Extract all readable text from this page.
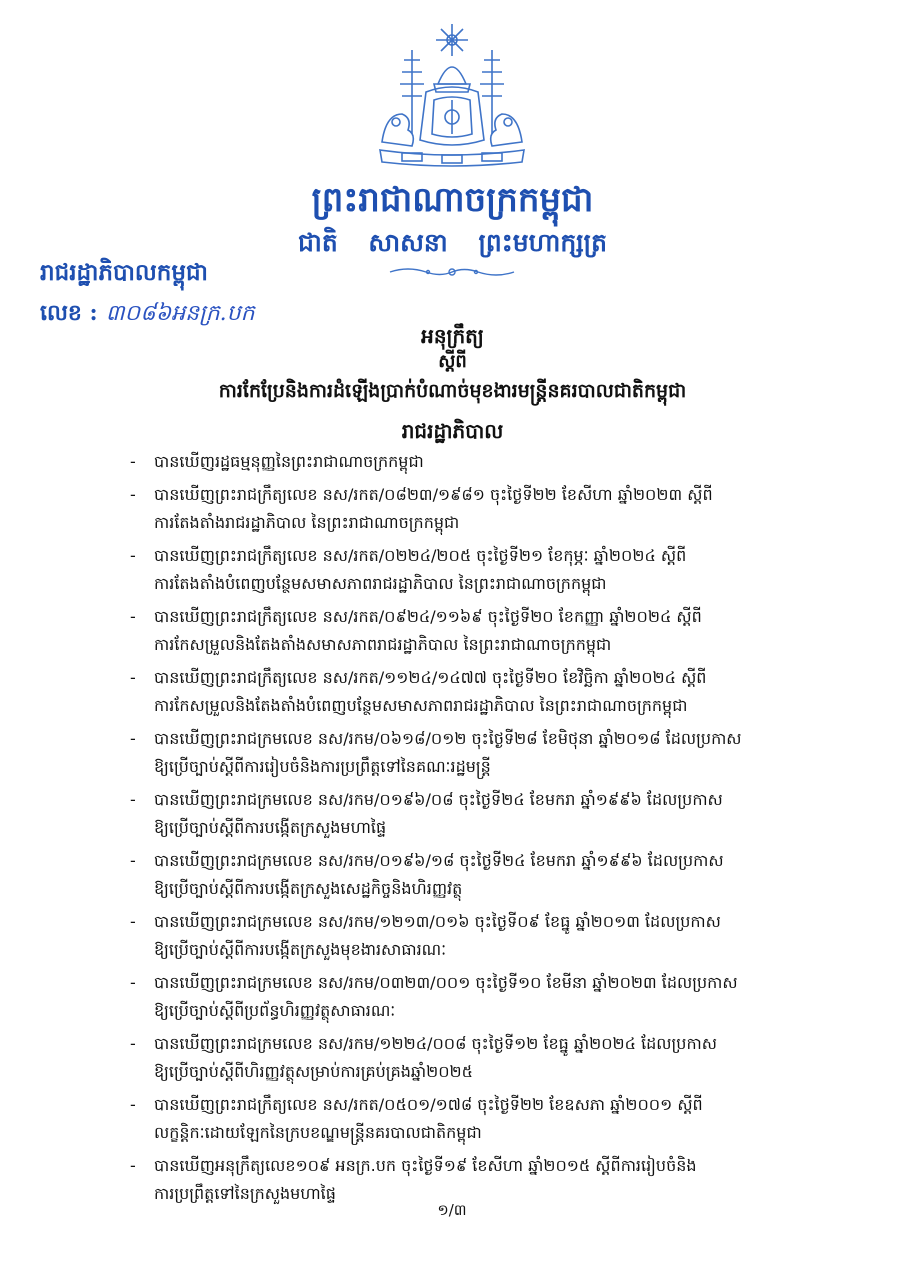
ព្រះរាជាណាចក្រកម្ពុជា
ជាតិ សាសនា ព្រះមហាក្សត្រ
រាជរដ្ឋាភិបាលកម្ពុជា
លេខ : ៣០៨៦អនក្រ.បក
អនុក្រឹត្យ
ស្តីពី
ការកែប្រែនិងការដំឡើងប្រាក់បំណាច់មុខងារមន្ត្រីនគរបាលជាតិកម្ពុជា
រាជរដ្ឋាភិបាល
- បានឃើញរដ្ឋធម្មនុញ្ញនៃព្រះរាជាណាចក្រកម្ពុជា
- បានឃើញព្រះរាជក្រឹត្យលេខ នស/រកត/០៨២៣/១៩៨១ ចុះថ្ងៃទី២២ ខែសីហា ឆ្នាំ២០២៣ ស្តីពី
ការតែងតាំងរាជរដ្ឋាភិបាល នៃព្រះរាជាណាចក្រកម្ពុជា
- បានឃើញព្រះរាជក្រឹត្យលេខ នស/រកត/០២២៤/២០៥ ចុះថ្ងៃទី២១ ខែកុម្ភៈ ឆ្នាំ២០២៤ ស្តីពី
ការតែងតាំងបំពេញបន្ថែមសមាសភាពរាជរដ្ឋាភិបាល នៃព្រះរាជាណាចក្រកម្ពុជា
- បានឃើញព្រះរាជក្រឹត្យលេខ នស/រកត/០៩២៤/១១៦៩ ចុះថ្ងៃទី២០ ខែកញ្ញា ឆ្នាំ២០២៤ ស្តីពី
ការកែសម្រួលនិងតែងតាំងសមាសភាពរាជរដ្ឋាភិបាល នៃព្រះរាជាណាចក្រកម្ពុជា
- បានឃើញព្រះរាជក្រឹត្យលេខ នស/រកត/១១២៤/១៤៧៧ ចុះថ្ងៃទី២០ ខែវិច្ឆិកា ឆ្នាំ២០២៤ ស្តីពី
ការកែសម្រួលនិងតែងតាំងបំពេញបន្ថែមសមាសភាពរាជរដ្ឋាភិបាល នៃព្រះរាជាណាចក្រកម្ពុជា
- បានឃើញព្រះរាជក្រមលេខ នស/រកម/០៦១៨/០១២ ចុះថ្ងៃទី២៨ ខែមិថុនា ឆ្នាំ២០១៨ ដែលប្រកាស
ឱ្យប្រើច្បាប់ស្តីពីការរៀបចំនិងការប្រព្រឹត្តទៅនៃគណៈរដ្ឋមន្ត្រី
- បានឃើញព្រះរាជក្រមលេខ នស/រកម/០១៩៦/០៨ ចុះថ្ងៃទី២៤ ខែមករា ឆ្នាំ១៩៩៦ ដែលប្រកាស
ឱ្យប្រើច្បាប់ស្តីពីការបង្កើតក្រសួងមហាផ្ទៃ
- បានឃើញព្រះរាជក្រមលេខ នស/រកម/០១៩៦/១៨ ចុះថ្ងៃទី២៤ ខែមករា ឆ្នាំ១៩៩៦ ដែលប្រកាស
ឱ្យប្រើច្បាប់ស្តីពីការបង្កើតក្រសួងសេដ្ឋកិច្ចនិងហិរញ្ញវត្ថុ
- បានឃើញព្រះរាជក្រមលេខ នស/រកម/១២១៣/០១៦ ចុះថ្ងៃទី០៩ ខែធ្នូ ឆ្នាំ២០១៣ ដែលប្រកាស
ឱ្យប្រើច្បាប់ស្តីពីការបង្កើតក្រសួងមុខងារសាធារណៈ
- បានឃើញព្រះរាជក្រមលេខ នស/រកម/០៣២៣/០០១ ចុះថ្ងៃទី១០ ខែមីនា ឆ្នាំ២០២៣ ដែលប្រកាស
ឱ្យប្រើច្បាប់ស្តីពីប្រព័ន្ធហិរញ្ញវត្ថុសាធារណៈ
- បានឃើញព្រះរាជក្រមលេខ នស/រកម/១២២៤/០០៨ ចុះថ្ងៃទី១២ ខែធ្នូ ឆ្នាំ២០២៤ ដែលប្រកាស
ឱ្យប្រើច្បាប់ស្តីពីហិរញ្ញវត្ថុសម្រាប់ការគ្រប់គ្រងឆ្នាំ២០២៥
- បានឃើញព្រះរាជក្រឹត្យលេខ នស/រកត/០៥០១/១៧៨ ចុះថ្ងៃទី២២ ខែឧសភា ឆ្នាំ២០០១ ស្តីពី
លក្ខន្តិកៈដោយឡែកនៃក្របខណ្ឌមន្ត្រីនគរបាលជាតិកម្ពុជា
- បានឃើញអនុក្រឹត្យលេខ១០៩ អនក្រ.បក ចុះថ្ងៃទី១៩ ខែសីហា ឆ្នាំ២០១៥ ស្តីពីការរៀបចំនិង
ការប្រព្រឹត្តទៅនៃក្រសួងមហាផ្ទៃ
១/៣
